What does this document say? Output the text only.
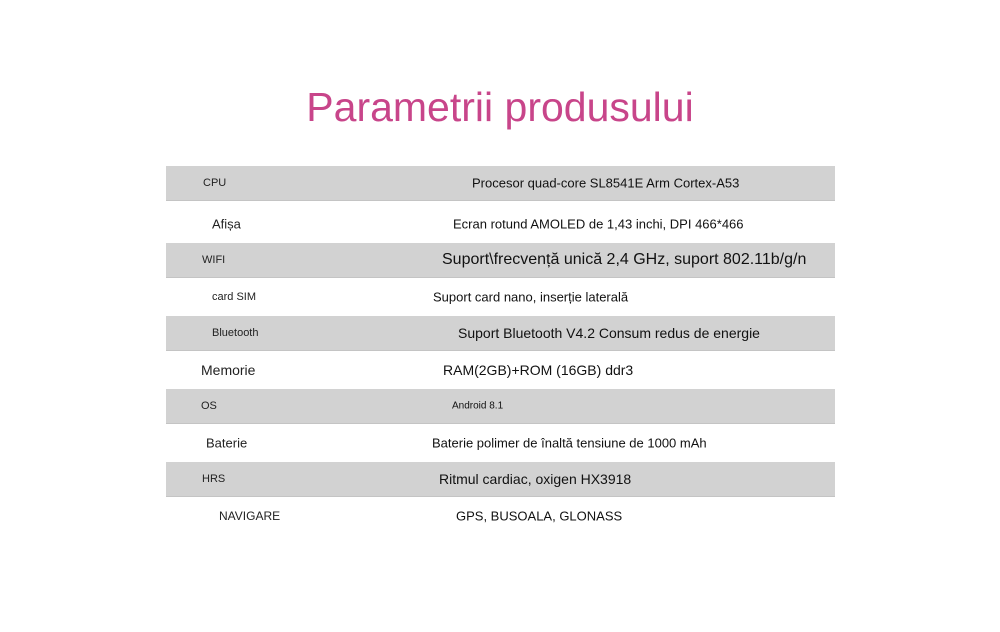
Parametrii produsului
CPU	Procesor quad-core SL8541E Arm Cortex-A53
Afișa	Ecran rotund AMOLED de 1,43 inchi, DPI 466*466
WIFI	Suport\frecvență unică 2,4 GHz, suport 802.11b/g/n
card SIM	Suport card nano, inserție laterală
Bluetooth	Suport Bluetooth V4.2 Consum redus de energie
Memorie	RAM(2GB)+ROM (16GB) ddr3
OS	Android 8.1
Baterie	Baterie polimer de înaltă tensiune de 1000 mAh
HRS	Ritmul cardiac, oxigen HX3918
NAVIGARE	GPS, BUSOALA, GLONASS
